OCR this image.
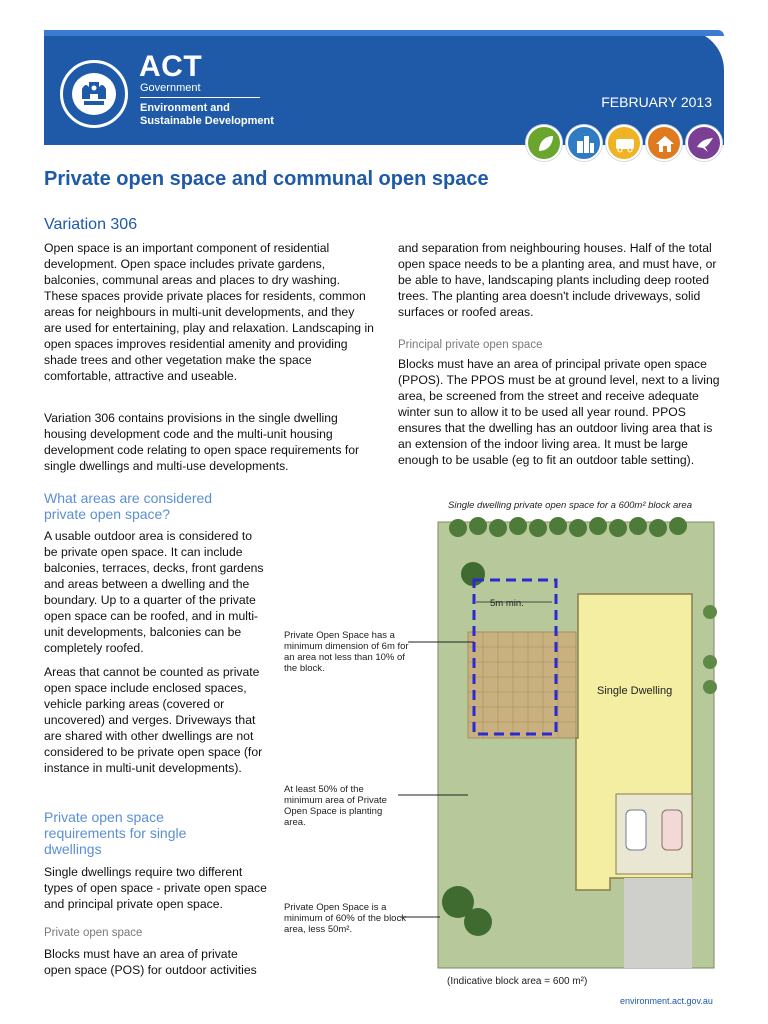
ACT
Government
Environment and
Sustainable Development
FEBRUARY 2013
Private open space and communal open space
Variation 306
Open space is an important component of residential development. Open space includes private gardens, balconies, communal areas and places to dry washing. These spaces provide private places for residents, common areas for neighbours in multi-unit developments, and they are used for entertaining, play and relaxation. Landscaping in open spaces improves residential amenity and providing shade trees and other vegetation make the space comfortable, attractive and useable.
Variation 306 contains provisions in the single dwelling housing development code and the multi-unit housing development code relating to open space requirements for single dwellings and multi-use developments.
What areas are considered private open space?
A usable outdoor area is considered to be private open space. It can include balconies, terraces, decks, front gardens and areas between a dwelling and the boundary. Up to a quarter of the private open space can be roofed, and in multi-unit developments, balconies can be completely roofed.
Areas that cannot be counted as private open space include enclosed spaces, vehicle parking areas (covered or uncovered) and verges. Driveways that are shared with other dwellings are not considered to be private open space (for instance in multi-unit developments).
Private open space requirements for single dwellings
Single dwellings require two different types of open space - private open space and principal private open space.
Private open space
Blocks must have an area of private open space (POS) for outdoor activities
and separation from neighbouring houses. Half of the total open space needs to be a planting area, and must have, or be able to have, landscaping plants including deep rooted trees. The planting area doesn't include driveways, solid surfaces or roofed areas.
Principal private open space
Blocks must have an area of principal private open space (PPOS). The PPOS must be at ground level, next to a living area, be screened from the street and receive adequate winter sun to allow it to be used all year round. PPOS ensures that the dwelling has an outdoor living area that is an extension of the indoor living area. It must be large enough to be usable (eg to fit an outdoor table setting).
Single dwelling private open space for a 600m² block area
5m min.
Single Dwelling
Private Open Space has a minimum dimension of 6m for an area not less than 10% of the block.
At least 50% of the minimum area of Private Open Space is planting area.
Private Open Space is a minimum of 60% of the block area, less 50m².
(Indicative block area = 600 m²)
environment.act.gov.au
